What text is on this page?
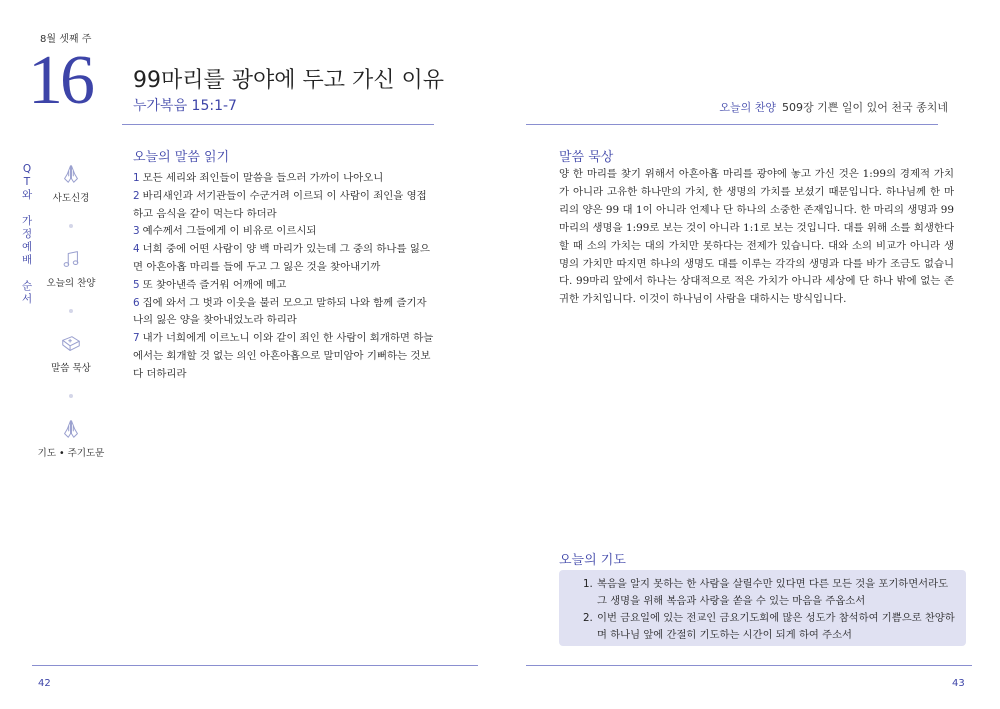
8월 셋째 주
16 99마리를 광야에 두고 가신 이유
누가복음 15:1-7	오늘의 찬양 509장 기쁜 일이 있어 천국 종치네
Q
T
와

가
정
예
배

순
서
사도신경
오늘의 찬양
말씀 묵상
기도 • 주기도문
오늘의 말씀 읽기
1 모든 세리와 죄인들이 말씀을 들으러 가까이 나아오니
2 바리새인과 서기관들이 수군거려 이르되 이 사람이 죄인을 영접하고 음식을 같이 먹는다 하더라
3 예수께서 그들에게 이 비유로 이르시되
4 너희 중에 어떤 사람이 양 백 마리가 있는데 그 중의 하나를 잃으면 아흔아홉 마리를 들에 두고 그 잃은 것을 찾아내기까
5 또 찾아낸즉 즐거워 어깨에 메고
6 집에 와서 그 벗과 이웃을 불러 모으고 말하되 나와 함께 즐기자 나의 잃은 양을 찾아내었노라 하리라
7 내가 너희에게 이르노니 이와 같이 죄인 한 사람이 회개하면 하늘에서는 회개할 것 없는 의인 아흔아홉으로 말미암아 기뻐하는 것보다 더하리라
말씀 묵상
양 한 마리를 찾기 위해서 아흔아홉 마리를 광야에 놓고 가신 것은 1:99의 경제적 가치가 아니라 고유한 하나만의 가치, 한 생명의 가치를 보셨기 때문입니다. 하나님께 한 마리의 양은 99 대 1이 아니라 언제나 단 하나의 소중한 존재입니다. 한 마리의 생명과 99 마리의 생명을 1:99로 보는 것이 아니라 1:1로 보는 것입니다. 대를 위해 소를 희생한다 할 때 소의 가치는 대의 가치만 못하다는 전제가 있습니다. 대와 소의 비교가 아니라 생명의 가치만 따지면 하나의 생명도 대를 이루는 각각의 생명과 다를 바가 조금도 없습니다. 99마리 앞에서 하나는 상대적으로 적은 가치가 아니라 세상에 단 하나 밖에 없는 존귀한 가치입니다. 이것이 하나님이 사람을 대하시는 방식입니다.
오늘의 기도
1. 복음을 알지 못하는 한 사람을 살릴수만 있다면 다른 모든 것을 포기하면서라도 그 생명을 위해 복음과 사랑을 쏟을 수 있는 마음을 주옵소서
2. 이번 금요일에 있는 전교인 금요기도회에 많은 성도가 참석하여 기쁨으로 찬양하며 하나님 앞에 간절히 기도하는 시간이 되게 하여 주소서
42	43
